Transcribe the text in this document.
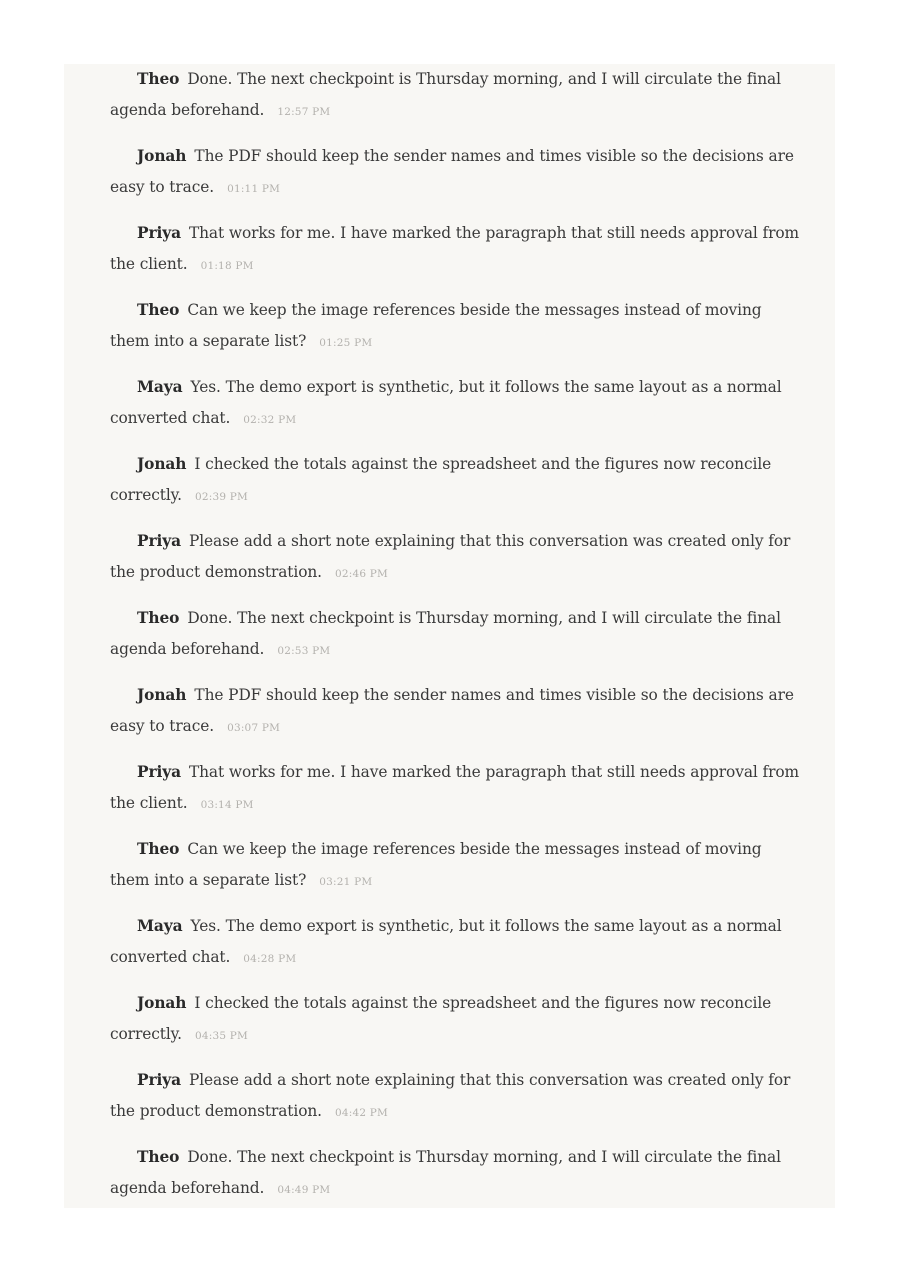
Theo Done. The next checkpoint is Thursday morning, and I will circulate the final agenda beforehand. 12:57 PM
Jonah The PDF should keep the sender names and times visible so the decisions are easy to trace. 01:11 PM
Priya That works for me. I have marked the paragraph that still needs approval from the client. 01:18 PM
Theo Can we keep the image references beside the messages instead of moving them into a separate list? 01:25 PM
Maya Yes. The demo export is synthetic, but it follows the same layout as a normal converted chat. 02:32 PM
Jonah I checked the totals against the spreadsheet and the figures now reconcile correctly. 02:39 PM
Priya Please add a short note explaining that this conversation was created only for the product demonstration. 02:46 PM
Theo Done. The next checkpoint is Thursday morning, and I will circulate the final agenda beforehand. 02:53 PM
Jonah The PDF should keep the sender names and times visible so the decisions are easy to trace. 03:07 PM
Priya That works for me. I have marked the paragraph that still needs approval from the client. 03:14 PM
Theo Can we keep the image references beside the messages instead of moving them into a separate list? 03:21 PM
Maya Yes. The demo export is synthetic, but it follows the same layout as a normal converted chat. 04:28 PM
Jonah I checked the totals against the spreadsheet and the figures now reconcile correctly. 04:35 PM
Priya Please add a short note explaining that this conversation was created only for the product demonstration. 04:42 PM
Theo Done. The next checkpoint is Thursday morning, and I will circulate the final agenda beforehand. 04:49 PM
